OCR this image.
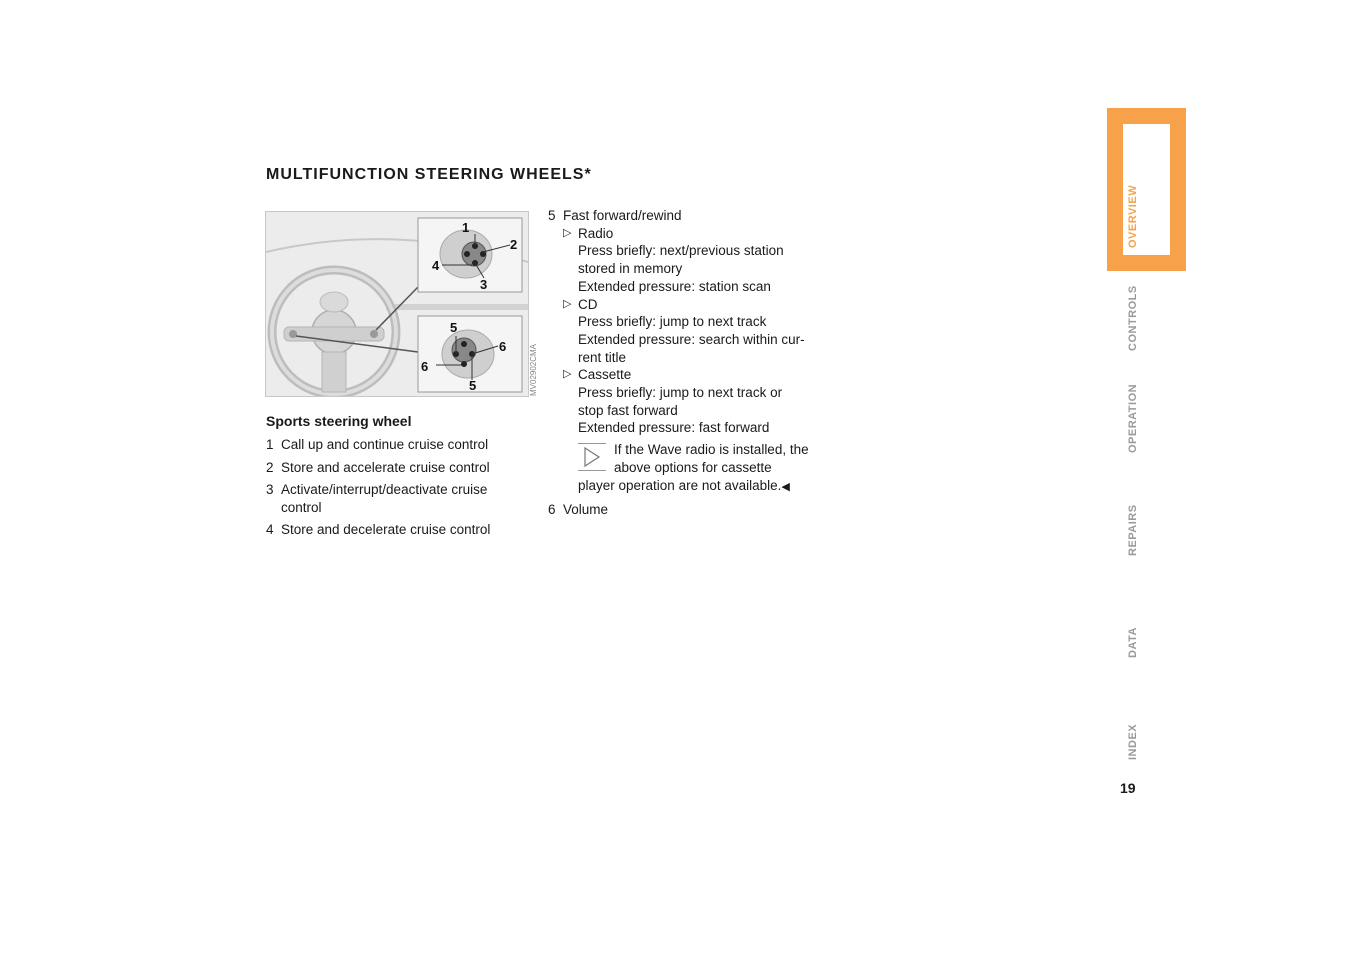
MULTIFUNCTION STEERING WHEELS*
1
2
3
4
5
6
6
5	MV02902CMA
Sports steering wheel
1 Call up and continue cruise control
2 Store and accelerate cruise control
3 Activate/interrupt/deactivate cruise control
4 Store and decelerate cruise control
5 Fast forward/rewind
▷ Radio
Press briefly: next/previous station
stored in memory
Extended pressure: station scan
▷ CD
Press briefly: jump to next track
Extended pressure: search within cur-
rent title
▷ Cassette
Press briefly: jump to next track or
stop fast forward
Extended pressure: fast forward
If the Wave radio is installed, the
above options for cassette
player operation are not available.◀
6 Volume
OVERVIEW
CONTROLS
OPERATION
REPAIRS
DATA
INDEX
19
